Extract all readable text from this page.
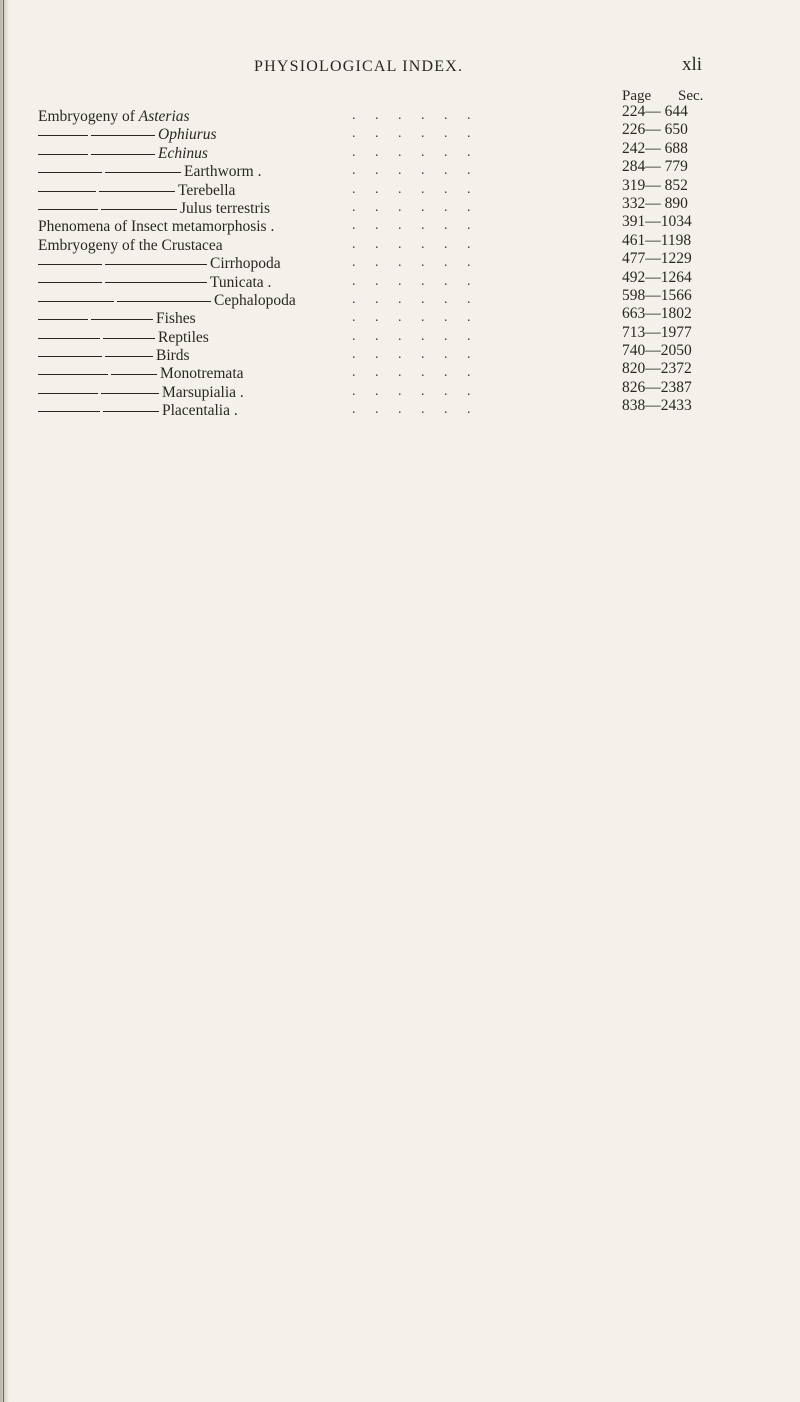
PHYSIOLOGICAL INDEX.	xli
Page	Sec.
Embryogeny of Asterias	. . . . . .	224— 644
Ophiurus	. . . . . .	226— 650
Echinus	. . . . . .	242— 688
Earthworm .	. . . . . .	284— 779
Terebella	. . . . . .	319— 852
Julus terrestris	. . . . . .	332— 890
Phenomena of Insect metamorphosis .	. . . . . .	391—1034
Embryogeny of the Crustacea	. . . . . .	461—1198
Cirrhopoda	. . . . . .	477—1229
Tunicata .	. . . . . .	492—1264
Cephalopoda	. . . . . .	598—1566
Fishes	. . . . . .	663—1802
Reptiles	. . . . . .	713—1977
Birds	. . . . . .	740—2050
Monotremata	. . . . . .	820—2372
Marsupialia .	. . . . . .	826—2387
Placentalia .	. . . . . .	838—2433
